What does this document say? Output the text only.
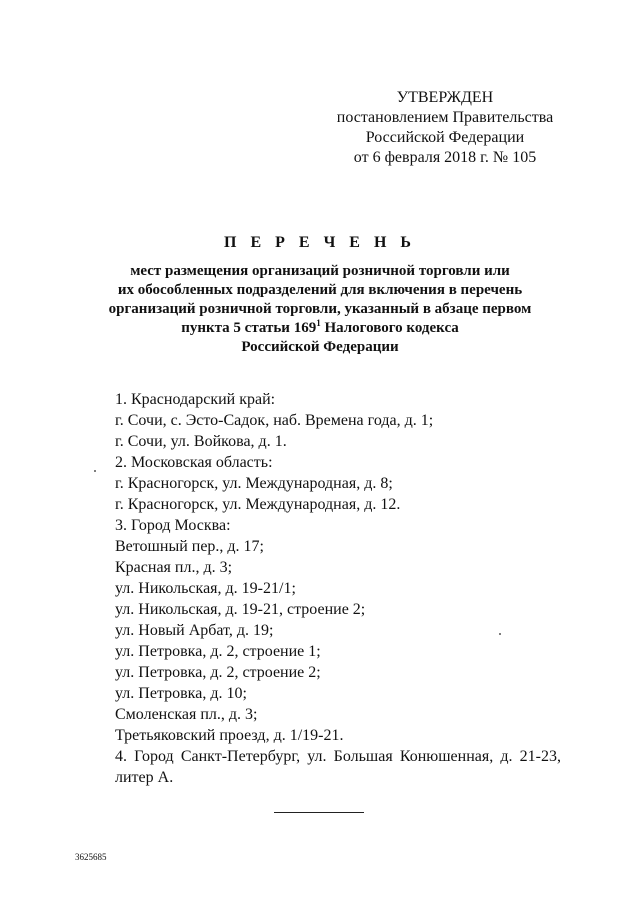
УТВЕРЖДЕН
постановлением Правительства
Российской Федерации
от 6 февраля 2018 г. № 105
П Е Р Е Ч Е Н Ь
мест размещения организаций розничной торговли или
их обособленных подразделений для включения в перечень
организаций розничной торговли, указанный в абзаце первом
пункта 5 статьи $169^1$ Налогового кодекса
Российской Федерации
1. Краснодарский край:
г. Сочи, с. Эсто-Садок, наб. Времена года, д. 1;
г. Сочи, ул. Войкова, д. 1.
2. Московская область:
г. Красногорск, ул. Международная, д. 8;
г. Красногорск, ул. Международная, д. 12.
3. Город Москва:
Ветошный пер., д. 17;
Красная пл., д. 3;
ул. Никольская, д. 19-21/1;
ул. Никольская, д. 19-21, строение 2;
ул. Новый Арбат, д. 19;
ул. Петровка, д. 2, строение 1;
ул. Петровка, д. 2, строение 2;
ул. Петровка, д. 10;
Смоленская пл., д. 3;
Третьяковский проезд, д. 1/19-21.
4. Город Санкт-Петербург, ул. Большая Конюшенная, д. 21-23, литер А.
3625685
